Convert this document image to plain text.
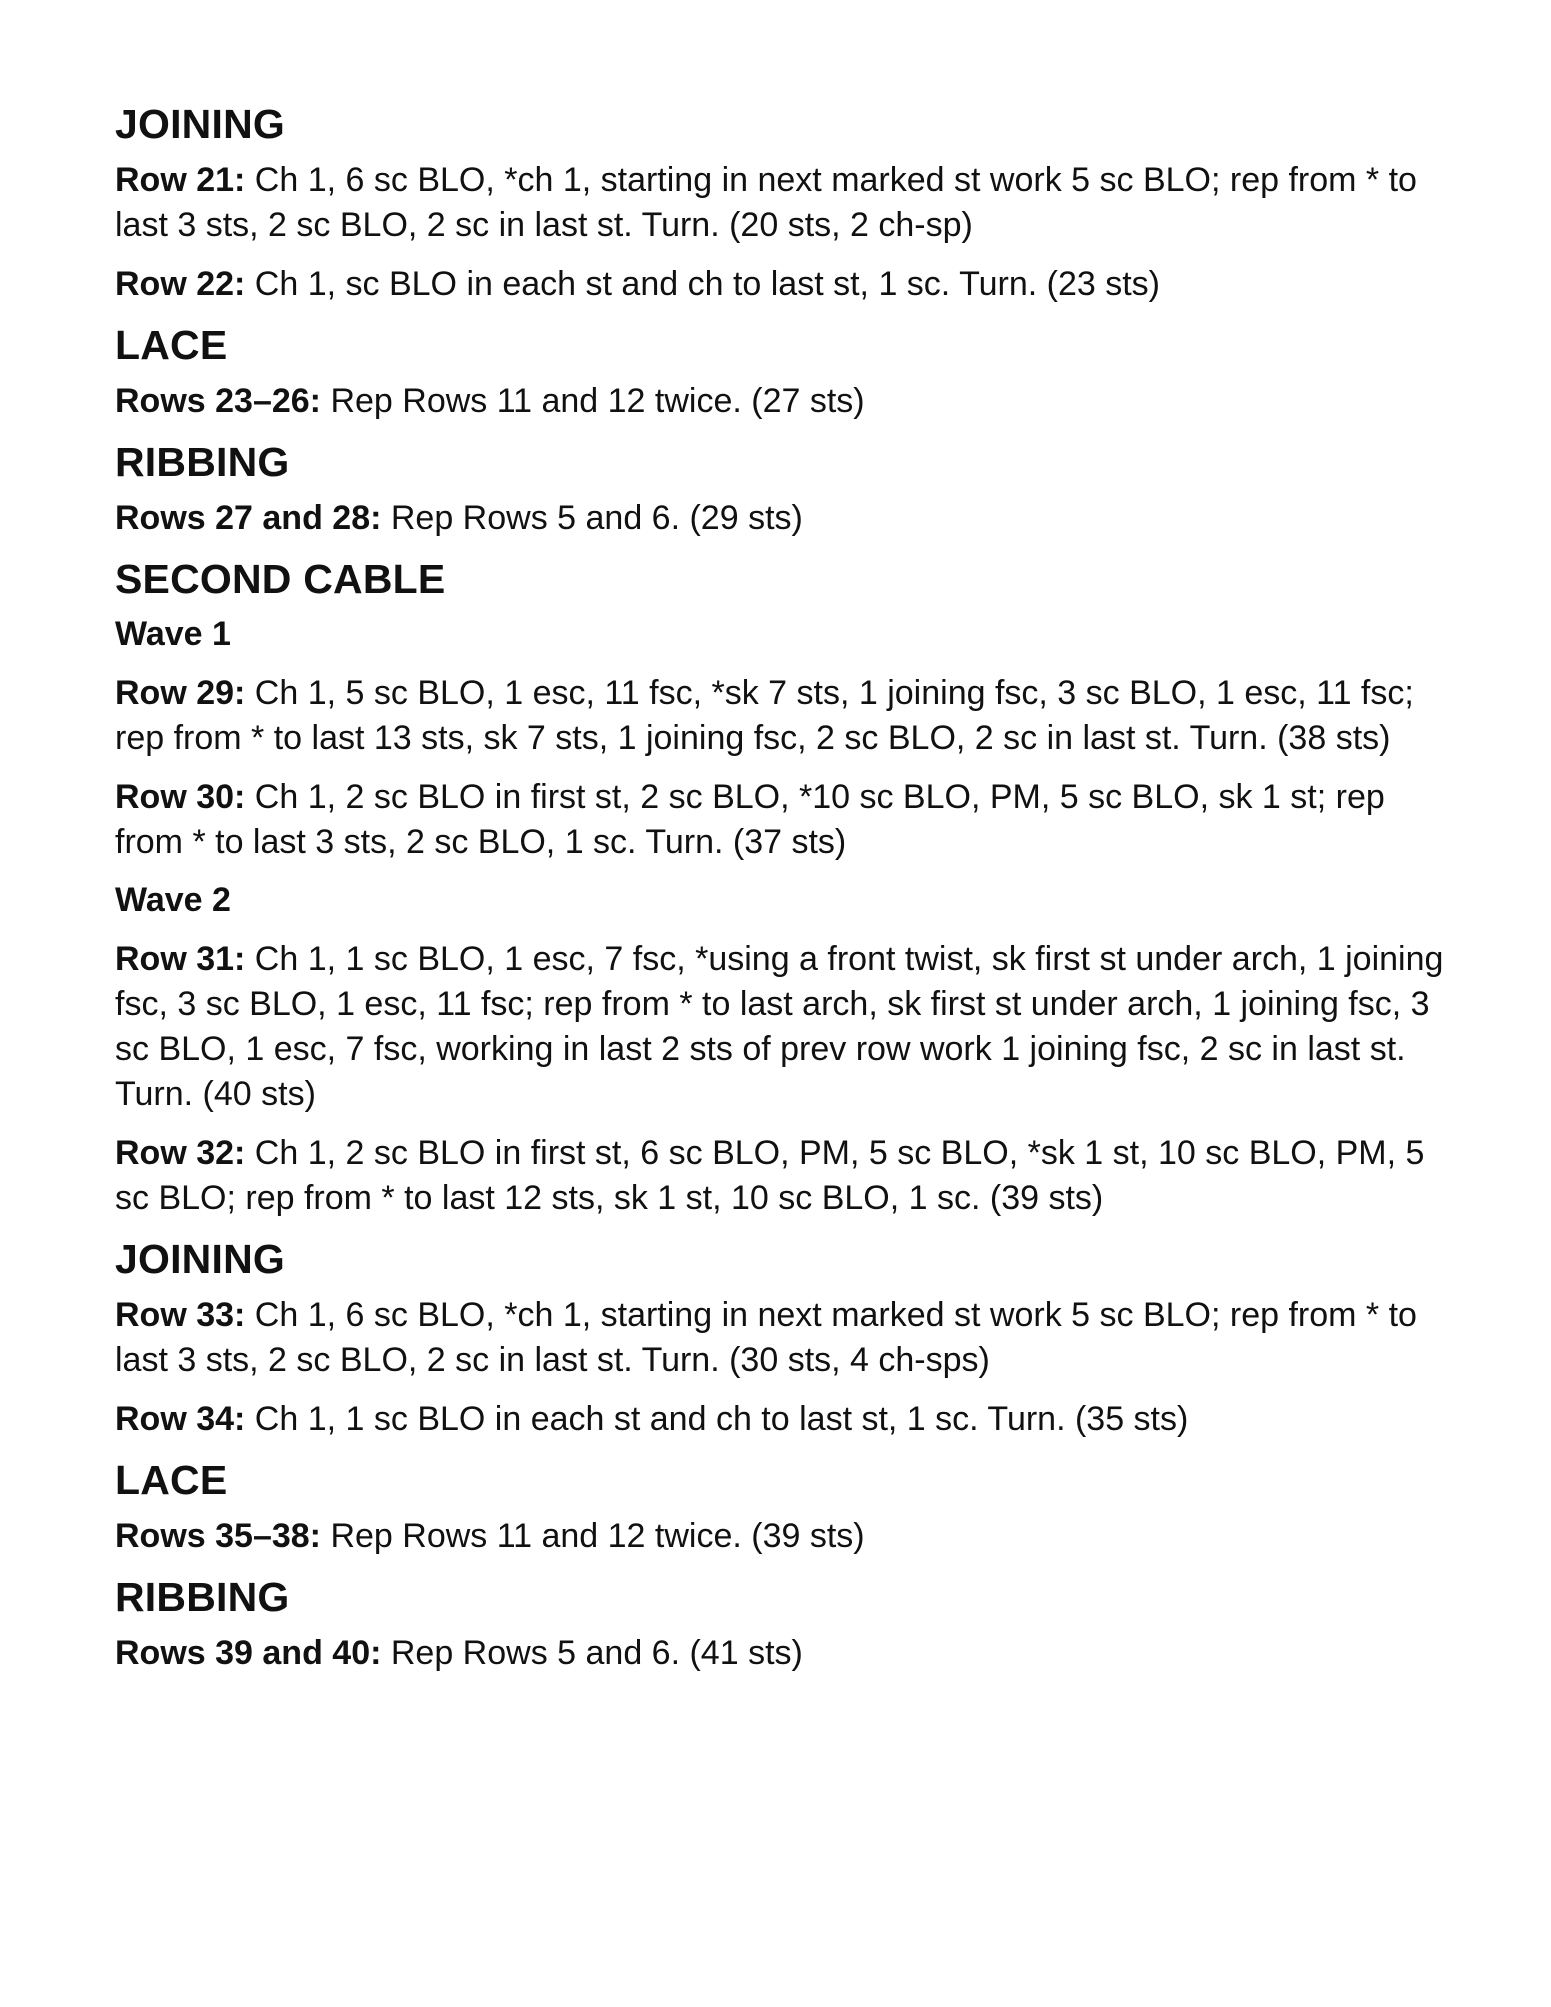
JOINING

Row 21: Ch 1, 6 sc BLO, *ch 1, starting in next marked st work 5 sc BLO; rep from * to last 3 sts, 2 sc BLO, 2 sc in last st. Turn. (20 sts, 2 ch-sp)

Row 22: Ch 1, sc BLO in each st and ch to last st, 1 sc. Turn. (23 sts)

LACE

Rows 23–26: Rep Rows 11 and 12 twice. (27 sts)

RIBBING

Rows 27 and 28: Rep Rows 5 and 6. (29 sts)

SECOND CABLE
Wave 1

Row 29: Ch 1, 5 sc BLO, 1 esc, 11 fsc, *sk 7 sts, 1 joining fsc, 3 sc BLO, 1 esc, 11 fsc; rep from * to last 13 sts, sk 7 sts, 1 joining fsc, 2 sc BLO, 2 sc in last st. Turn. (38 sts)

Row 30: Ch 1, 2 sc BLO in first st, 2 sc BLO, *10 sc BLO, PM, 5 sc BLO, sk 1 st; rep from * to last 3 sts, 2 sc BLO, 1 sc. Turn. (37 sts)

Wave 2

Row 31: Ch 1, 1 sc BLO, 1 esc, 7 fsc, *using a front twist, sk first st under arch, 1 joining fsc, 3 sc BLO, 1 esc, 11 fsc; rep from * to last arch, sk first st under arch, 1 joining fsc, 3 sc BLO, 1 esc, 7 fsc, working in last 2 sts of prev row work 1 joining fsc, 2 sc in last st. Turn. (40 sts)

Row 32: Ch 1, 2 sc BLO in first st, 6 sc BLO, PM, 5 sc BLO, *sk 1 st, 10 sc BLO, PM, 5 sc BLO; rep from * to last 12 sts, sk 1 st, 10 sc BLO, 1 sc. (39 sts)

JOINING

Row 33: Ch 1, 6 sc BLO, *ch 1, starting in next marked st work 5 sc BLO; rep from * to last 3 sts, 2 sc BLO, 2 sc in last st. Turn. (30 sts, 4 ch-sps)

Row 34: Ch 1, 1 sc BLO in each st and ch to last st, 1 sc. Turn. (35 sts)

LACE

Rows 35–38: Rep Rows 11 and 12 twice. (39 sts)

RIBBING

Rows 39 and 40: Rep Rows 5 and 6. (41 sts)
